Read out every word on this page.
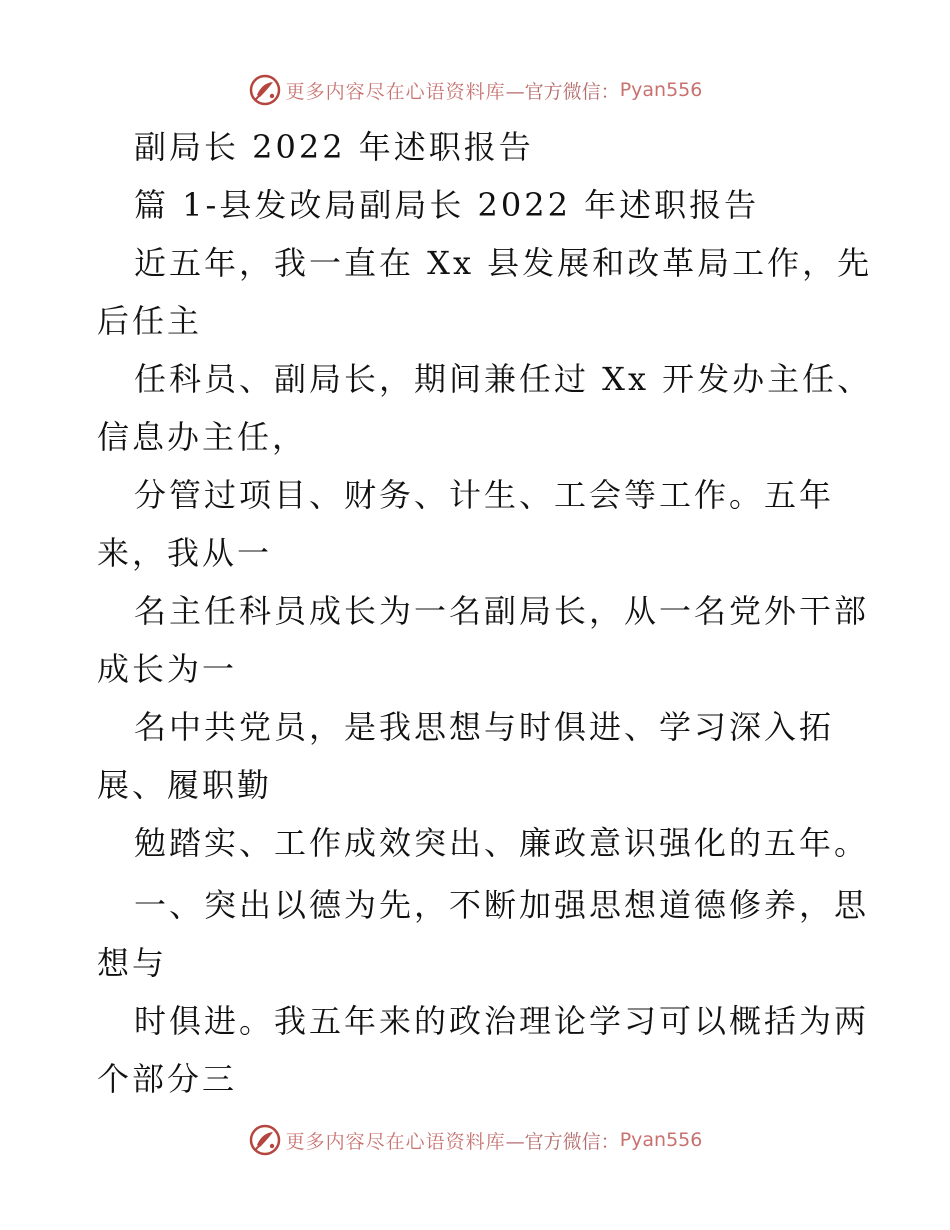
更多内容尽在心语资料库 —官方微信： Pyan556
副局长 2022 年述职报告
篇 1-县发改局副局长 2022 年述职报告
近五年，我一直在 Xx 县发展和改革局工作，先
后任主
任科员、副局长，期间兼任过 Xx 开发办主任、
信息办主任，
分管过项目、财务、计生、工会等工作。五年
来，我从一
名主任科员成长为一名副局长，从一名党外干部
成长为一
名中共党员，是我思想与时俱进、学习深入拓
展、履职勤
勉踏实、工作成效突出、廉政意识强化的五年。
一、突出以德为先，不断加强思想道德修养，思
想与
时俱进。我五年来的政治理论学习可以概括为两
个部分三
更多内容尽在心语资料库 —官方微信： Pyan556
